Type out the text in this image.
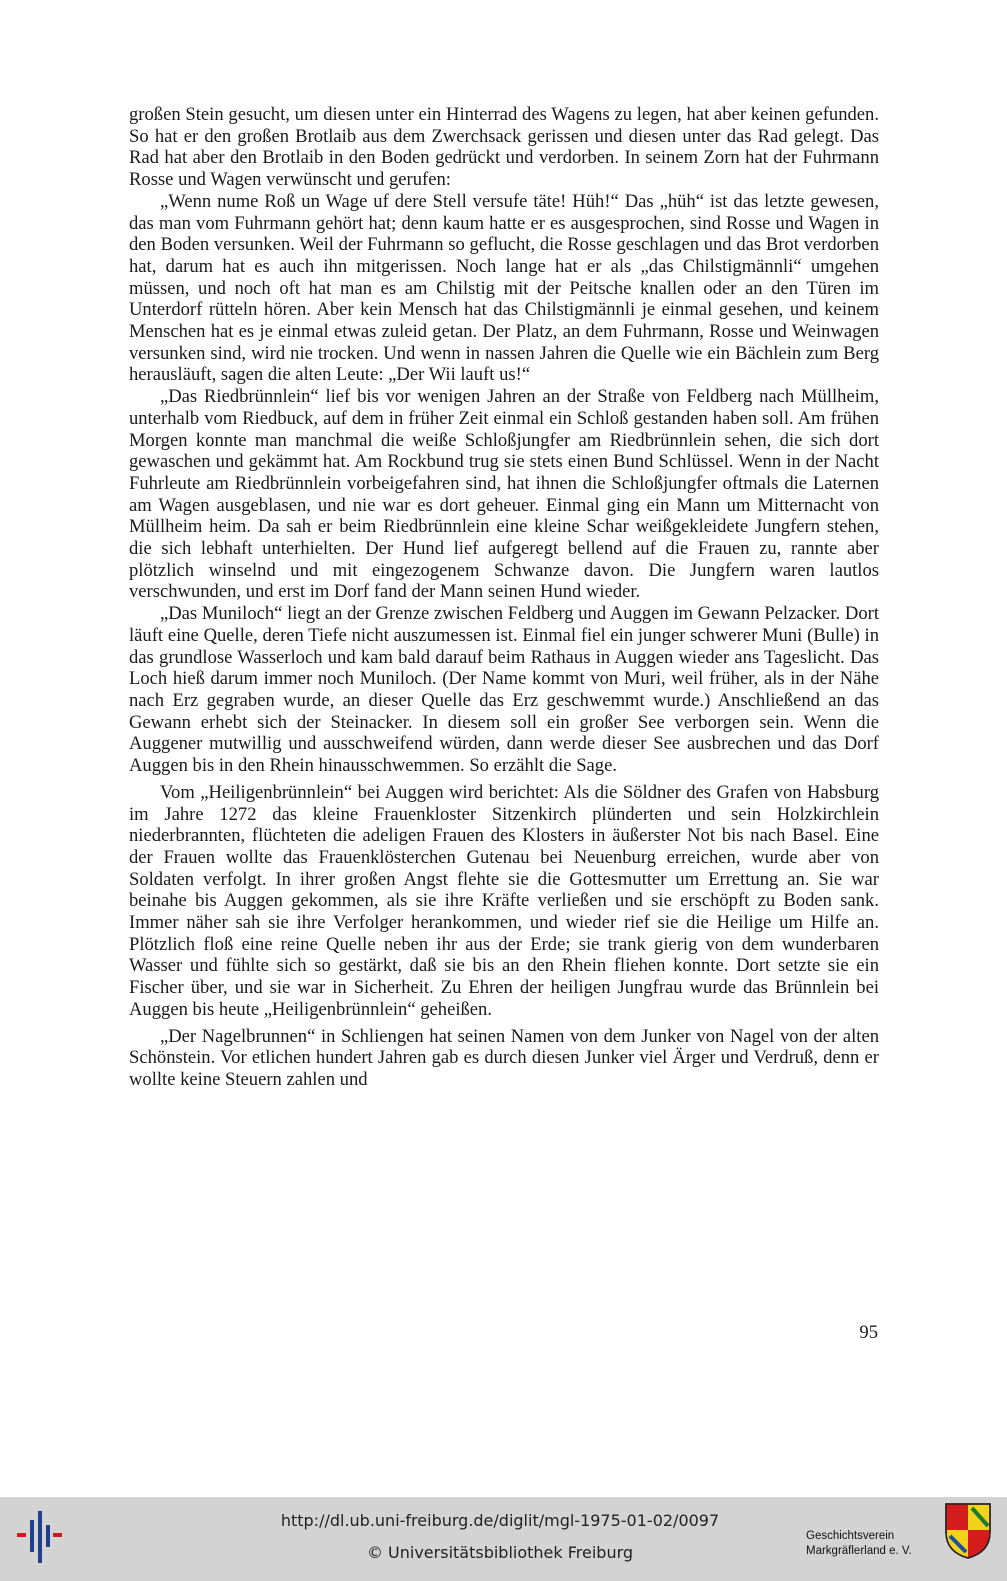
großen Stein gesucht, um diesen unter ein Hinterrad des Wagens zu legen, hat aber keinen gefunden. So hat er den großen Brotlaib aus dem Zwerchsack gerissen und diesen unter das Rad gelegt. Das Rad hat aber den Brotlaib in den Boden gedrückt und verdorben. In seinem Zorn hat der Fuhrmann Rosse und Wagen verwünscht und gerufen:

„Wenn nume Roß un Wage uf dere Stell versufe täte! Hüh!“ Das „hüh“ ist das letzte gewesen, das man vom Fuhrmann gehört hat; denn kaum hatte er es ausgesprochen, sind Rosse und Wagen in den Boden versunken. Weil der Fuhrmann so geflucht, die Rosse geschlagen und das Brot verdorben hat, darum hat es auch ihn mitgerissen. Noch lange hat er als „das Chilstigmännli“ umgehen müssen, und noch oft hat man es am Chilstig mit der Peitsche knallen oder an den Türen im Unterdorf rütteln hören. Aber kein Mensch hat das Chilstigmännli je einmal gesehen, und keinem Menschen hat es je einmal etwas zuleid getan. Der Platz, an dem Fuhrmann, Rosse und Weinwagen versunken sind, wird nie trocken. Und wenn in nassen Jahren die Quelle wie ein Bächlein zum Berg herausläuft, sagen die alten Leute: „Der Wii lauft us!“

„Das Riedbrünnlein“ lief bis vor wenigen Jahren an der Straße von Feldberg nach Müllheim, unterhalb vom Riedbuck, auf dem in früher Zeit einmal ein Schloß gestanden haben soll. Am frühen Morgen konnte man manchmal die weiße Schloßjungfer am Riedbrünnlein sehen, die sich dort gewaschen und gekämmt hat. Am Rockbund trug sie stets einen Bund Schlüssel. Wenn in der Nacht Fuhrleute am Riedbrünnlein vorbeigefahren sind, hat ihnen die Schloßjungfer oftmals die Laternen am Wagen ausgeblasen, und nie war es dort geheuer. Einmal ging ein Mann um Mitternacht von Müllheim heim. Da sah er beim Riedbrünnlein eine kleine Schar weißgekleidete Jungfern stehen, die sich lebhaft unterhielten. Der Hund lief aufgeregt bellend auf die Frauen zu, rannte aber plötzlich winselnd und mit eingezogenem Schwanze davon. Die Jungfern waren lautlos verschwunden, und erst im Dorf fand der Mann seinen Hund wieder.

„Das Muniloch“ liegt an der Grenze zwischen Feldberg und Auggen im Gewann Pelzacker. Dort läuft eine Quelle, deren Tiefe nicht auszumessen ist. Einmal fiel ein junger schwerer Muni (Bulle) in das grundlose Wasserloch und kam bald darauf beim Rathaus in Auggen wieder ans Tageslicht. Das Loch hieß darum immer noch Muniloch. (Der Name kommt von Muri, weil früher, als in der Nähe nach Erz gegraben wurde, an dieser Quelle das Erz geschwemmt wurde.) Anschließend an das Gewann erhebt sich der Steinacker. In diesem soll ein großer See verborgen sein. Wenn die Auggener mutwillig und ausschweifend würden, dann werde dieser See ausbrechen und das Dorf Auggen bis in den Rhein hinausschwemmen. So erzählt die Sage.

Vom „Heiligenbrünnlein“ bei Auggen wird berichtet: Als die Söldner des Grafen von Habsburg im Jahre 1272 das kleine Frauenkloster Sitzenkirch plünderten und sein Holzkirchlein niederbrannten, flüchteten die adeligen Frauen des Klosters in äußerster Not bis nach Basel. Eine der Frauen wollte das Frauenklösterchen Gutenau bei Neuenburg erreichen, wurde aber von Soldaten verfolgt. In ihrer großen Angst flehte sie die Gottesmutter um Errettung an. Sie war beinahe bis Auggen gekommen, als sie ihre Kräfte verließen und sie erschöpft zu Boden sank. Immer näher sah sie ihre Verfolger herankommen, und wieder rief sie die Heilige um Hilfe an. Plötzlich floß eine reine Quelle neben ihr aus der Erde; sie trank gierig von dem wunderbaren Wasser und fühlte sich so gestärkt, daß sie bis an den Rhein fliehen konnte. Dort setzte sie ein Fischer über, und sie war in Sicherheit. Zu Ehren der heiligen Jungfrau wurde das Brünnlein bei Auggen bis heute „Heiligenbrünnlein“ geheißen.

„Der Nagelbrunnen“ in Schliengen hat seinen Namen von dem Junker von Nagel von der alten Schönstein. Vor etlichen hundert Jahren gab es durch diesen Junker viel Ärger und Verdruß, denn er wollte keine Steuern zahlen und

95
http://dl.ub.uni-freiburg.de/diglit/mgl-1975-01-02/0097
© Universitätsbibliothek Freiburg
Geschichtsverein
Markgräflerland e. V.
